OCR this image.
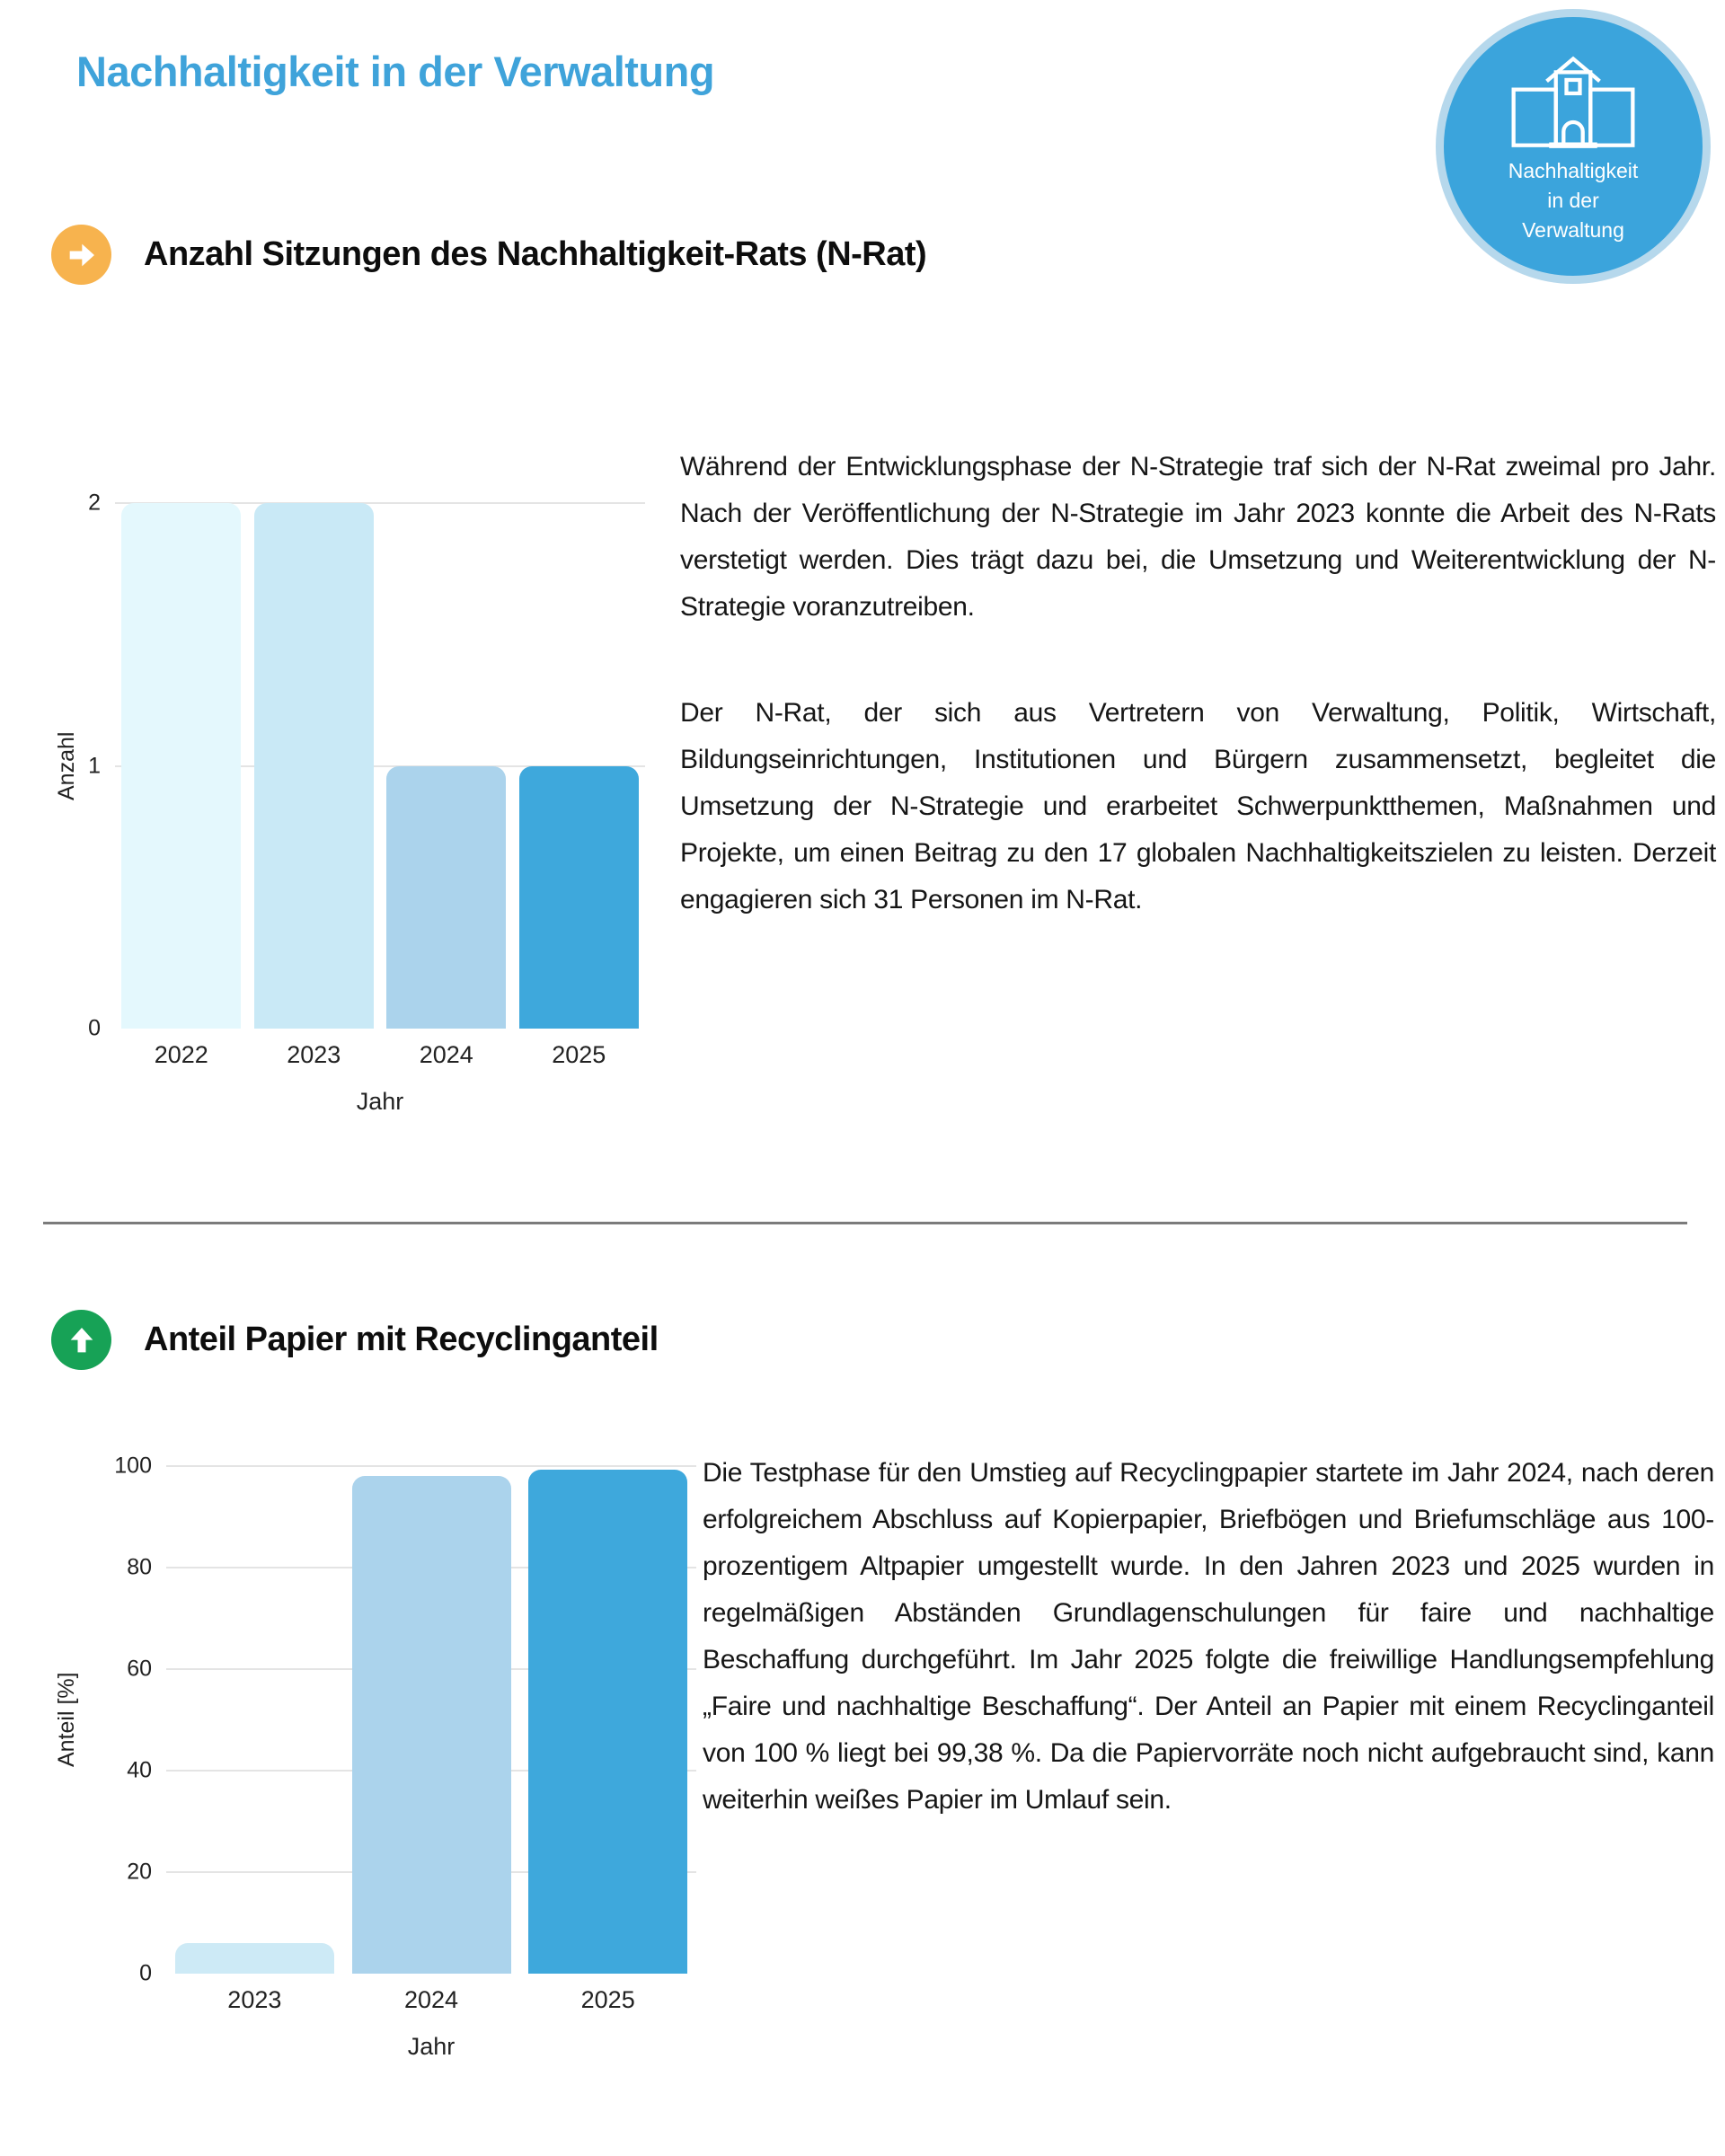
Nachhaltigkeit in der Verwaltung
Nachhaltigkeit
in der
Verwaltung
Anzahl Sitzungen des Nachhaltigkeit-Rats (N-Rat)
Anzahl
0
1
2
2022	2023	2024	2025
Jahr

Während der Entwicklungsphase der N-Strategie traf sich der N-Rat zweimal pro Jahr. Nach der Veröffentlichung der N-Strategie im Jahr 2023 konnte die Arbeit des N-Rats verstetigt werden. Dies trägt dazu bei, die Umsetzung und Weiterentwicklung der N-Strategie voranzutreiben.

Der N-Rat, der sich aus Vertretern von Verwaltung, Politik, Wirtschaft, Bildungseinrichtungen, Institutionen und Bürgern zusammensetzt, begleitet die Umsetzung der N-Strategie und erarbeitet Schwerpunktthemen, Maßnahmen und Projekte, um einen Beitrag zu den 17 globalen Nachhaltigkeitszielen zu leisten. Derzeit engagieren sich 31 Personen im N-Rat.

Anteil Papier mit Recyclinganteil
Anteil [%]
0
20
40
60
80
100
2023	2024	2025
Jahr

Die Testphase für den Umstieg auf Recyclingpapier startete im Jahr 2024, nach deren erfolgreichem Abschluss auf Kopierpapier, Briefbögen und Briefumschläge aus 100-prozentigem Altpapier umgestellt wurde. In den Jahren 2023 und 2025 wurden in regelmäßigen Abständen Grundlagenschulungen für faire und nachhaltige Beschaffung durchgeführt. Im Jahr 2025 folgte die freiwillige Handlungsempfehlung „Faire und nachhaltige Beschaffung“. Der Anteil an Papier mit einem Recyclinganteil von 100 % liegt bei 99,38 %. Da die Papiervorräte noch nicht aufgebraucht sind, kann weiterhin weißes Papier im Umlauf sein.
